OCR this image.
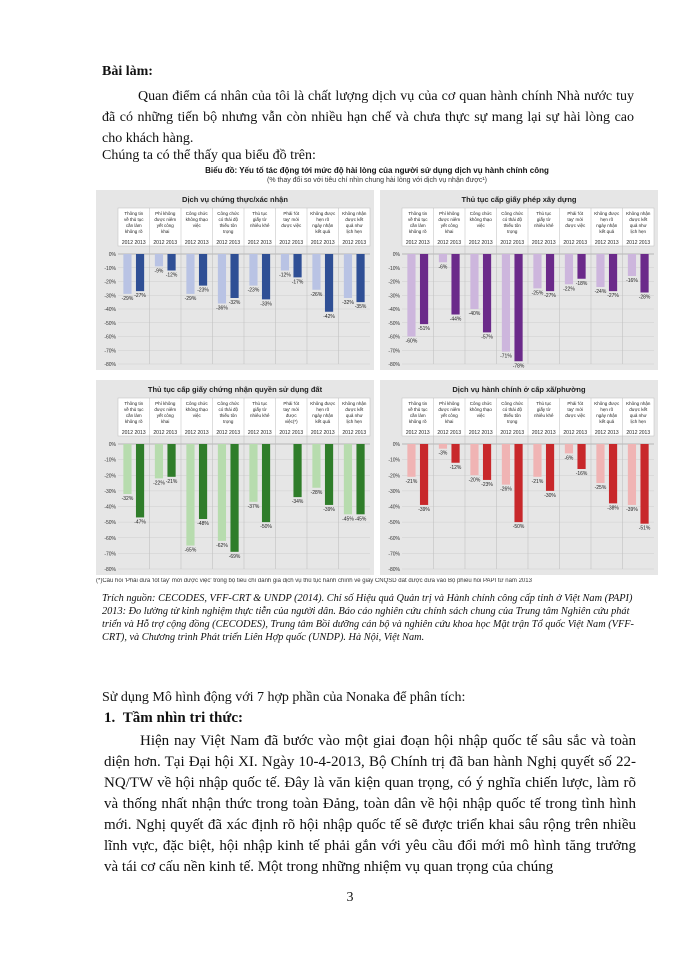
Bài làm:
Quan điểm cá nhân của tôi là chất lượng dịch vụ của cơ quan hành chính Nhà nước tuy đã có những tiến bộ nhưng vẫn còn nhiều hạn chế và chưa thực sự mang lại sự hài lòng cao cho khách hàng.
Chúng ta có thể thấy qua biểu đồ trên:
Biểu đồ: Yếu tố tác động tới mức độ hài lòng của người sử dụng dịch vụ hành chính công
(% thay đổi so với tiêu chí nhìn chung hài lòng với dịch vụ nhận được¹)
Dịch vụ chứng thực/xác nhận
0%
-10%
-20%
-30%
-40%
-50%
-60%
-70%
-80%
Thông tin
về thủ tục
cần làm
không rõ
2012
-29%
2013
-27%
Phí không
được niêm
yết công
khai
2012
-9%
2013
-12%
Công chức
không thạo
việc
2012
-29%
2013
-23%
Công chức
có thái độ
thiếu tôn
trọng
2012
-36%
2013
-32%
Thủ tục
giấy tờ
nhiêu khê
2012
-23%
2013
-33%
Phải 'lót
tay' mới
được việc
2012
-12%
2013
-17%
Không được
hẹn rõ
ngày nhận
kết quả
2012
-26%
2013
-42%
Không nhận
được kết
quả như
lịch hẹn
2012
-32%
2013
-35%
Thủ tục cấp giấy phép xây dựng
0%
-10%
-20%
-30%
-40%
-50%
-60%
-70%
-80%
Thông tin
về thủ tục
cần làm
không rõ
2012
-60%
2013
-51%
Phí không
được niêm
yết công
khai
2012
-6%
2013
-44%
Công chức
không thạo
việc
2012
-40%
2013
-57%
Công chức
có thái độ
thiếu tôn
trọng
2012
-71%
2013
-78%
Thủ tục
giấy tờ
nhiêu khê
2012
-25%
2013
-27%
Phải 'lót
tay' mới
được việc
2012
-22%
2013
-18%
Không được
hẹn rõ
ngày nhận
kết quả
2012
-24%
2013
-27%
Không nhận
được kết
quả như
lịch hẹn
2012
-16%
2013
-28%
Thủ tục cấp giấy chứng nhận quyền sử dụng đất
0%
-10%
-20%
-30%
-40%
-50%
-60%
-70%
-80%
Thông tin
về thủ tục
cần làm
không rõ
2012
-32%
2013
-47%
Phí không
được niêm
yết công
khai
2012
-22%
2013
-21%
Công chức
không thạo
việc
2012
-65%
2013
-48%
Công chức
có thái độ
thiếu tôn
trọng
2012
-62%
2013
-69%
Thủ tục
giấy tờ
nhiêu khê
2012
-37%
2013
-50%
Phải 'lót
tay' mới
được
việc(*)
2012 2013
-34%
Không được
hẹn rõ
ngày nhận
kết quả
2012
-28%
2013
-39%
Không nhận
được kết
quả như
lịch hẹn
2012
-45%
2013
-45%
Dịch vụ hành chính ở cấp xã/phường
0%
-10%
-20%
-30%
-40%
-50%
-60%
-70%
-80%
Thông tin
về thủ tục
cần làm
không rõ
2012
-21%
2013
-39%
Phí không
được niêm
yết công
khai
2012
-3%
2013
-12%
Công chức
không thạo
việc
2012
-20%
2013
-23%
Công chức
có thái độ
thiếu tôn
trọng
2012
-26%
2013
-50%
Thủ tục
giấy tờ
nhiêu khê
2012
-21%
2013
-30%
Phải 'lót
tay' mới
được việc
2012
-6%
2013
-16%
Không được
hẹn rõ
ngày nhận
kết quả
2012
-25%
2013
-38%
Không nhận
được kết
quả như
lịch hẹn
2012
-39%
2013
-51%
(*)Câu hỏi 'Phải đưa 'lót tay' mới được việc' trong bộ tiêu chí đánh giá dịch vụ thủ tục hành chính về giấy CNQSD đất được đưa vào Bộ phiếu hỏi PAPI từ năm 2013
Trích nguồn: CECODES, VFF-CRT & UNDP (2014). Chỉ số Hiệu quả Quản trị và Hành chính công cấp tỉnh ở Việt Nam (PAPI) 2013: Đo lường từ kinh nghiệm thực tiễn của người dân. Báo cáo nghiên cứu chính sách chung của Trung tâm Nghiên cứu phát triển và Hỗ trợ cộng đồng (CECODES), Trung tâm Bồi dưỡng cán bộ và nghiên cứu khoa học Mặt trận Tổ quốc Việt Nam (VFF-CRT), và Chương trình Phát triển Liên Hợp quốc (UNDP). Hà Nội, Việt Nam.
Sử dụng Mô hình động với 7 hợp phần của Nonaka để phân tích:
1. Tầm nhìn tri thức:
Hiện nay Việt Nam đã bước vào một giai đoạn hội nhập quốc tế sâu sắc và toàn diện hơn. Tại Đại hội XI. Ngày 10-4-2013, Bộ Chính trị đã ban hành Nghị quyết số 22-NQ/TW về hội nhập quốc tế. Đây là văn kiện quan trọng, có ý nghĩa chiến lược, làm rõ và thống nhất nhận thức trong toàn Đảng, toàn dân về hội nhập quốc tế trong tình hình mới. Nghị quyết đã xác định rõ hội nhập quốc tế sẽ được triển khai sâu rộng trên nhiều lĩnh vực, đặc biệt, hội nhập kinh tế phải gắn với yêu cầu đổi mới mô hình tăng trưởng và tái cơ cấu nền kinh tế. Một trong những nhiệm vụ quan trọng của chúng
3
